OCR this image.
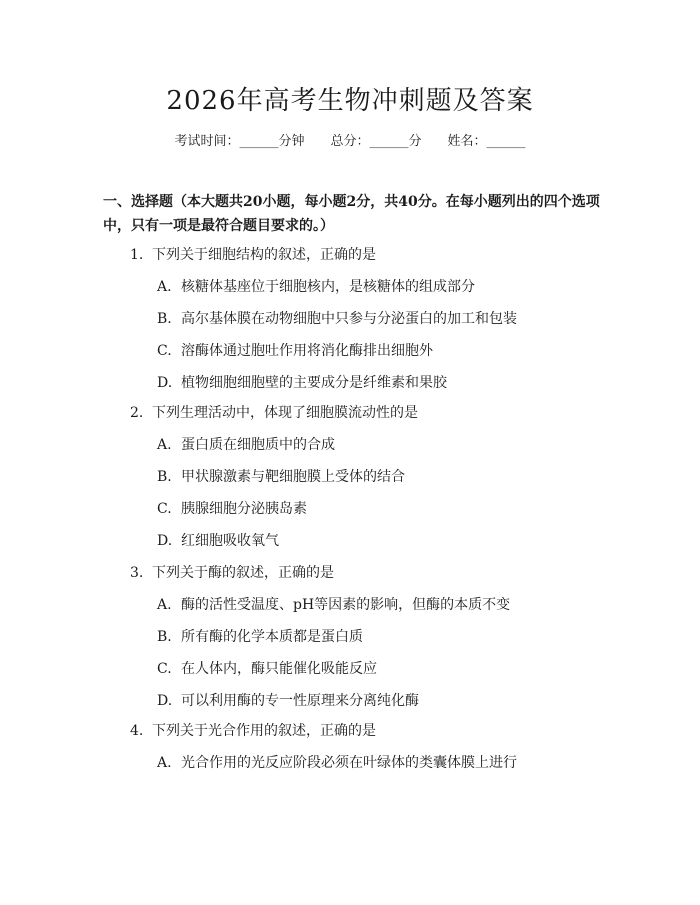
2026年高考生物冲刺题及答案
考试时间：______分钟 总分：______分 姓名：______

一、选择题（本大题共20小题，每小题2分，共40分。在每小题列出的四个选项中，只有一项是最符合题目要求的。）

1. 下列关于细胞结构的叙述，正确的是
A. 核糖体基座位于细胞核内，是核糖体的组成部分
B. 高尔基体膜在动物细胞中只参与分泌蛋白的加工和包装
C. 溶酶体通过胞吐作用将消化酶排出细胞外
D. 植物细胞细胞壁的主要成分是纤维素和果胶
2. 下列生理活动中，体现了细胞膜流动性的是
A. 蛋白质在细胞质中的合成
B. 甲状腺激素与靶细胞膜上受体的结合
C. 胰腺细胞分泌胰岛素
D. 红细胞吸收氧气
3. 下列关于酶的叙述，正确的是
A. 酶的活性受温度、pH等因素的影响，但酶的本质不变
B. 所有酶的化学本质都是蛋白质
C. 在人体内，酶只能催化吸能反应
D. 可以利用酶的专一性原理来分离纯化酶
4. 下列关于光合作用的叙述，正确的是
A. 光合作用的光反应阶段必须在叶绿体的类囊体膜上进行
